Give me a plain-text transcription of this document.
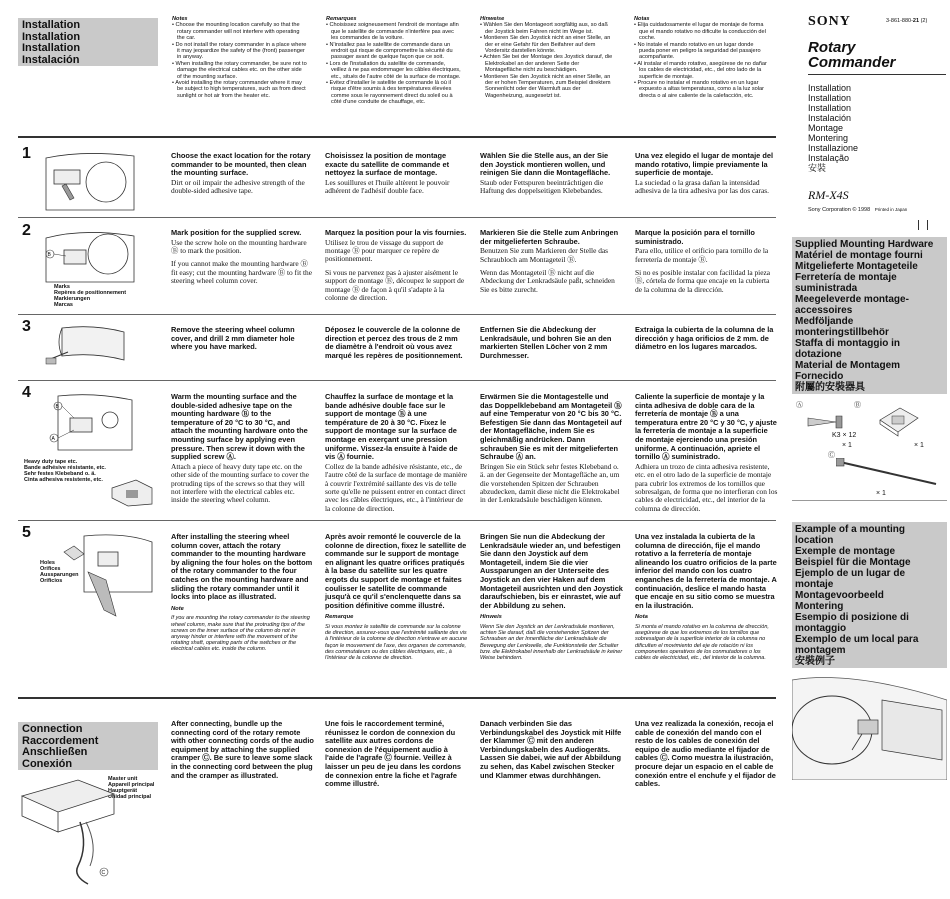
Installation
Installation
Installation
Instalación
Notes
• Choose the mounting location carefully so that the rotary commander will not interfere with operating the car.
• Do not install the rotary commander in a place where it may jeopardize the safety of the (front) passenger in anyway.
• When installing the rotary commander, be sure not to damage the electrical cables etc. on the other side of the mounting surface.
• Avoid installing the rotary commander where it may be subject to high temperatures, such as from direct sunlight or hot air from the heater etc.
Remarques
• Choisissez soigneusement l'endroit de montage afin que le satellite de commande n'interfère pas avec les commandes de la voiture.
• N'installez pas le satellite de commande dans un endroit qui risque de compromettre la sécurité du passager avant de quelque façon que ce soit.
• Lors de l'installation du satellite de commande, veillez à ne pas endommager les câbles électriques, etc., situés de l'autre côté de la surface de montage.
• Evitez d'installer le satellite de commande là où il risque d'être soumis à des températures élevées comme sous le rayonnement direct du soleil ou à côté d'une conduite de chauffage, etc.
Hinweise
• Wählen Sie den Montageort sorgfältig aus, so daß der Joystick beim Fahren nicht im Wege ist.
• Montieren Sie den Joystick nicht an einer Stelle, an der er eine Gefahr für den Beifahrer auf dem Vordersitz darstellen könnte.
• Achten Sie bei der Montage des Joystick darauf, die Elektrokabel an der anderen Seite der Montagefläche nicht zu beschädigen.
• Montieren Sie den Joystick nicht an einer Stelle, an der er hohen Temperaturen, zum Beispiel direktem Sonnenlicht oder der Warmluft aus der Wagenheizung, ausgesetzt ist.
Notas
• Elija cuidadosamente el lugar de montaje de forma que el mando rotativo no dificulte la conducción del coche.
• No instale el mando rotativo en un lugar donde pueda poner en peligro la seguridad del pasajero acompañante.
• Al instalar el mando rotativo, asegúrese de no dañar los cables de electricidad, etc., del otro lado de la superficie de montaje.
• Procure no instalar el mando rotativo en un lugar expuesto a altas temperaturas, como a la luz solar directa o al aire caliente de la calefacción, etc.
1	Choose the exact location for the rotary commander to be mounted, then clean the mounting surface.
Dirt or oil impair the adhesive strength of the double-sided adhesive tape.
Choisissez la position de montage exacte du satellite de commande et nettoyez la surface de montage.
Les souillures et l'huile altèrent le pouvoir adhérent de l'adhésif double face.
Wählen Sie die Stelle aus, an der Sie den Joystick montieren wollen, und reinigen Sie dann die Montagefläche.
Staub oder Fettspuren beeinträchtigen die Haftung des doppelseitigen Klebebandes.
Una vez elegido el lugar de montaje del mando rotativo, limpie previamente la superficie de montaje.
La suciedad o la grasa dañan la intensidad adhesiva de la tira adhesiva por las dos caras.
2
B
Marks
Repères de positionnement
Markierungen
Marcas
Mark position for the supplied screw.
Use the screw hole on the mounting hardware Ⓑ to mark the position.
If you cannot make the mounting hardware Ⓑ fit easy; cut the mounting hardware Ⓑ to fit the steering wheel column cover.
Marquez la position pour la vis fournies.
Utilisez le trou de vissage du support de montage Ⓑ pour marquer ce repère de positionnement.
Si vous ne parvenez pas à ajuster aisément le support de montage Ⓑ, découpez le support de montage Ⓑ de façon à qu'il s'adapte à la colonne de direction.
Markieren Sie die Stelle zum Anbringen der mitgelieferten Schraube.
Benutzen Sie zum Markieren der Stelle das Schraubloch am Montageteil Ⓑ.
Wenn das Montageteil Ⓑ nicht auf die Abdeckung der Lenkradsäule paßt, schneiden Sie es bitte zurecht.
Marque la posición para el tornillo suministrado.
Para ello, utilice el orificio para tornillo de la ferretería de montaje Ⓑ.
Si no es posible instalar con facilidad la pieza Ⓑ, córtela de forma que encaje en la cubierta de la columna de la dirección.
3	Remove the steering wheel column cover, and drill 2 mm diameter hole where you have marked.
Déposez le couvercle de la colonne de direction et percez des trous de 2 mm de diamètre à l'endroit où vous avez marqué les repères de positionnement.
Entfernen Sie die Abdeckung der Lenkradsäule, und bohren Sie an den markierten Stellen Löcher von 2 mm Durchmesser.
Extraiga la cubierta de la columna de la dirección y haga orificios de 2 mm. de diámetro en los lugares marcados.
4
B
A
Heavy duty tape etc.
Bande adhésive résistante, etc.
Sehr festes Klebeband o. ä.
Cinta adhesiva resistente, etc.
Warm the mounting surface and the double-sided adhesive tape on the mounting hardware Ⓑ to the temperature of 20 °C to 30 °C, and attach the mounting hardware onto the mounting surface by applying even pressure. Then screw it down with the supplied screw Ⓐ.
Attach a piece of heavy duty tape etc. on the other side of the mounting surface to cover the protruding tips of the screws so that they will not interfere with the electrical cables etc. inside the steering wheel column.
Chauffez la surface de montage et la bande adhésive double face sur le support de montage Ⓑ à une température de 20 à 30 °C. Fixez le support de montage sur la surface de montage en exerçant une pression uniforme. Vissez-la ensuite à l'aide de vis Ⓐ fournie.
Collez de la bande adhésive résistante, etc., de l'autre côté de la surface de montage de manière à couvrir l'extrémité saillante des vis de telle sorte qu'elle ne puissent entrer en contact direct avec les câbles électriques, etc., à l'intérieur de la colonne de direction.
Erwärmen Sie die Montagestelle und das Doppelklebeband am Montageteil Ⓑ auf eine Temperatur von 20 °C bis 30 °C. Befestigen Sie dann das Montageteil auf der Montagefläche, indem Sie es gleichmäßig andrücken. Dann schrauben Sie es mit der mitgelieferten Schraube Ⓐ an.
Bringen Sie ein Stück sehr festes Klebeband o. ä. an der Gegenseite der Montagefläche an, um die vorstehenden Spitzen der Schrauben abzudecken, damit diese nicht die Elektrokabel in der Lenkradsäule beschädigen können.
Caliente la superficie de montaje y la cinta adhesiva de doble cara de la ferretería de montaje Ⓑ a una temperatura entre 20 °C y 30 °C, y ajuste la ferretería de montaje a la superficie de montaje ejerciendo una presión uniforme. A continuación, apriete el tornillo Ⓐ suministrado.
Adhiera un trozo de cinta adhesiva resistente, etc. en el otro lado de la superficie de montaje para cubrir los extremos de los tornillos que sobresalgan, de forma que no interfieran con los cables de electricidad, etc., del interior de la columna de dirección.
5
Holes
Orifices
Aussparungen
Orificios
After installing the steering wheel column cover, attach the rotary commander to the mounting hardware by aligning the four holes on the bottom of the rotary commander to the four catches on the mounting hardware and sliding the rotary commander until it locks into place as illustrated.
Note
If you are mounting the rotary commander to the steering wheel column, make sure that the protruding tips of the screws on the inner surface of the column do not in anyway hinder or interfere with the movement of the rotating shaft, operating parts of the switches or the electrical cables etc. inside the column.
Après avoir remonté le couvercle de la colonne de direction, fixez le satellite de commande sur le support de montage en alignant les quatre orifices pratiqués à la base du satellite sur les quatre ergots du support de montage et faites coulisser le satellite de commande jusqu'à ce qu'il s'enclenquette dans sa position définitive comme illustré.
Remarque
Si vous montez le satellite de commande sur la colonne de direction, assurez-vous que l'extrémité saillante des vis à l'intérieur de la colonne de direction n'entrave en aucune façon le mouvement de l'axe, des organes de commande, des commutateurs ou des câbles électriques, etc., à l'intérieur de la colonne de direction.
Bringen Sie nun die Abdeckung der Lenkradsäule wieder an, und befestigen Sie dann den Joystick auf dem Montageteil, indem Sie die vier Aussparungen an der Unterseite des Joystick an den vier Haken auf dem Montageteil ausrichten und den Joystick daraufschieben, bis er einrastet, wie auf der Abbildung zu sehen.
Hinweis
Wenn Sie den Joystick an der Lenkradsäule montieren, achten Sie darauf, daß die vorstehenden Spitzen der Schrauben an der Innenfläche der Lenkradsäule die Bewegung der Lenkwelle, die Funktionsteile der Schalter bzw. die Elektrokabel innerhalb der Lenkradsäule in keiner Weise behindern.
Una vez instalada la cubierta de la columna de dirección, fije el mando rotativo a la ferretería de montaje alineando los cuatro orificios de la parte inferior del mando con los cuatro enganches de la ferretería de montaje. A continuación, deslice el mando hasta que encaje en su sitio como se muestra en la ilustración.
Nota
Si monta el mando rotativo en la columna de dirección, asegúrese de que los extremos de los tornillos que sobresalgan de la superficie interior de la columna no dificulten el movimiento del eje de rotación ni los componentes operativos de los conmutadores o los cables de electricidad, etc., del interior de la columna.
Connection
Raccordement
Anschließen
Conexión
Master unit
Appareil principal
Hauptgerät
Unidad principal
C
After connecting, bundle up the connecting cord of the rotary remote with other connecting cords of the audio equipment by attaching the supplied cramper Ⓒ. Be sure to leave some slack in the connecting cord between the plug and the cramper as illustrated.
Une fois le raccordement terminé, réunissez le cordon de connexion du satellite aux autres cordons de connexion de l'équipement audio à l'aide de l'agrafe Ⓒ fournie. Veillez à laisser un peu de jeu dans les cordons de connexion entre la fiche et l'agrafe comme illustré.
Danach verbinden Sie das Verbindungskabel des Joystick mit Hilfe der Klammer Ⓒ mit den anderen Verbindungskabeln des Audiogeräts. Lassen Sie dabei, wie auf der Abbildung zu sehen, das Kabel zwischen Stecker und Klammer etwas durchhängen.
Una vez realizada la conexión, recoja el cable de conexión del mando con el resto de los cables de conexión del equipo de audio mediante el fijador de cables Ⓒ. Como muestra la ilustración, procure dejar un espacio en el cable de conexión entre el enchufe y el fijador de cables.
SONY	3-861-880-21 (2)
Rotary
Commander
Installation
Installation
Installation
Instalación
Montage
Montering
Installazione
Instalação
安裝
RM-X4S
Sony Corporation © 1998 Printed in Japan
Supplied Mounting Hardware
Matériel de montage fourni
Mitgelieferte Montageteile
Ferretería de montaje suministrada
Meegeleverde montage-accessoires
Medföljande monteringstillbehör
Staffa di montaggio in dotazione
Material de Montagem Fornecido
附屬的安裝器具
Ⓐ	Ⓑ
Ⓒ
K3 × 12
× 1	× 1
× 1
Example of a mounting location
Exemple de montage
Beispiel für die Montage
Ejemplo de un lugar de montaje
Montagevoorbeeld
Montering
Esempio di posizione di montaggio
Exemplo de um local para montagem
安裝例子
